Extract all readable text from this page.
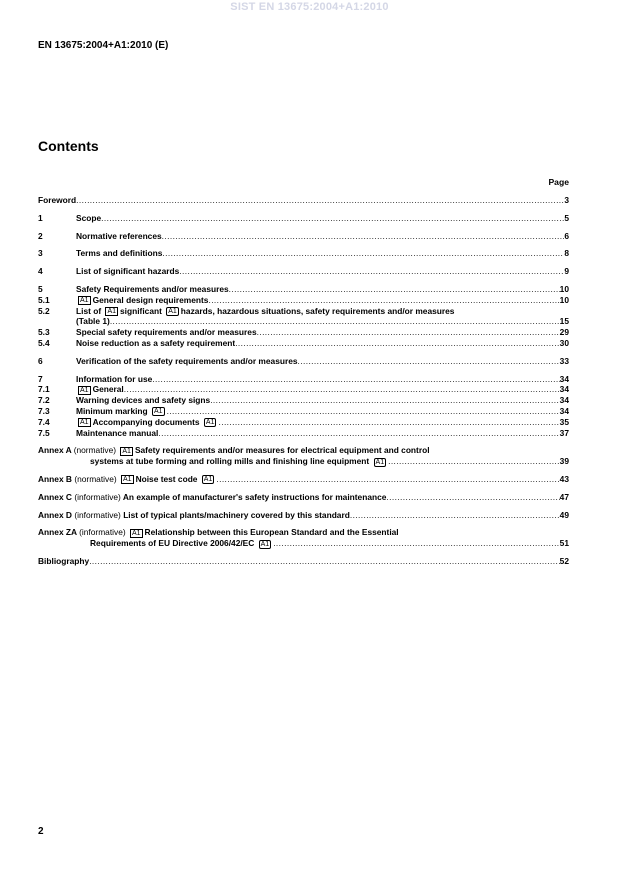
SIST EN 13675:2004+A1:2010
EN 13675:2004+A1:2010 (E)
Contents
Page
Foreword .....	3
1	Scope .....	5
2	Normative references .....	6
3	Terms and definitions .....	8
4	List of significant hazards .....	9
5	Safety Requirements and/or measures .....	10
5.1	A1 General design requirements .....	10
5.2	List of A1 significant A1 hazards, hazardous situations, safety requirements and/or measures
(Table 1) .....	15
5.3	Special safety requirements and/or measures .....	29
5.4	Noise reduction as a safety requirement .....	30
6	Verification of the safety requirements and/or measures .....	33
7	Information for use .....	34
7.1	A1 General .....	34
7.2	Warning devices and safety signs .....	34
7.3	Minimum marking A1 .....	34
7.4	A1 Accompanying documents A1 .....	35
7.5	Maintenance manual .....	37
Annex A (normative) A1 Safety requirements and/or measures for electrical equipment and control
systems at tube forming and rolling mills and finishing line equipment A1 .....	39
Annex B (normative) A1 Noise test code A1 .....	43
Annex C (informative) An example of manufacturer's safety instructions for maintenance .....	47
Annex D (informative) List of typical plants/machinery covered by this standard .....	49
Annex ZA (informative) A1 Relationship between this European Standard and the Essential
Requirements of EU Directive 2006/42/EC A1 .....	51
Bibliography .....	52
2
